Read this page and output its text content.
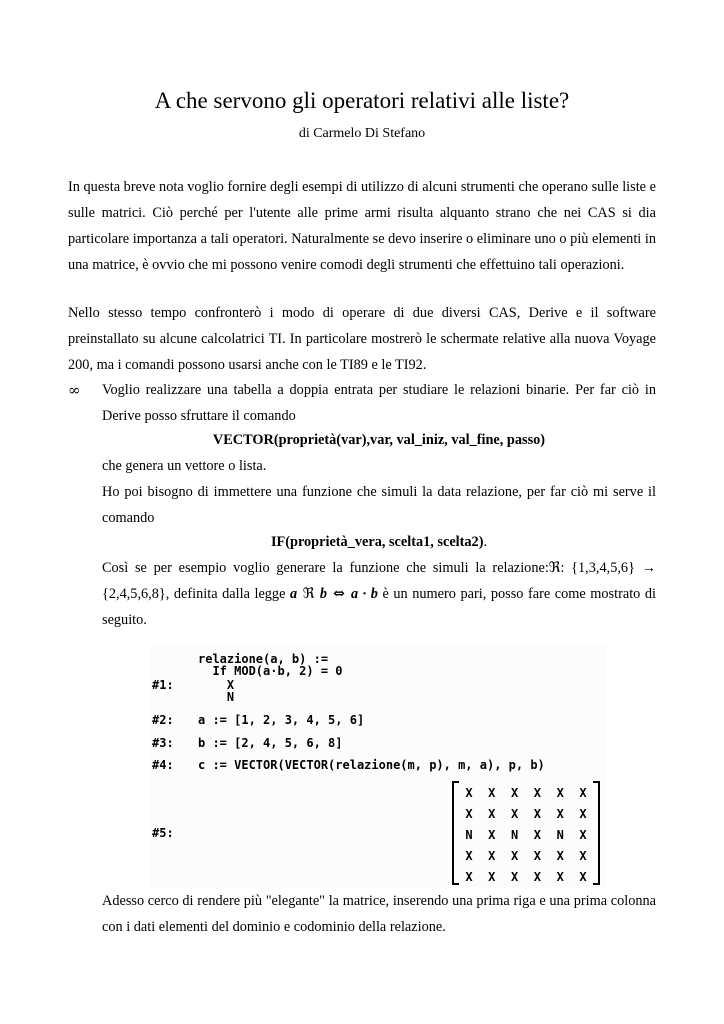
A che servono gli operatori relativi alle liste?
di Carmelo Di Stefano
In questa breve nota voglio fornire degli esempi di utilizzo di alcuni strumenti che operano sulle liste e sulle matrici. Ciò perché per l'utente alle prime armi risulta alquanto strano che nei CAS si dia particolare importanza a tali operatori. Naturalmente se devo inserire o eliminare uno o più elementi in una matrice, è ovvio che mi possono venire comodi degli strumenti che effettuino tali operazioni.
Nello stesso tempo confronterò i modo di operare di due diversi CAS, Derive e il software preinstallato su alcune calcolatrici TI. In particolare mostrerò le schermate relative alla nuova Voyage 200, ma i comandi possono usarsi anche con le TI89 e le TI92.
∞ Voglio realizzare una tabella a doppia entrata per studiare le relazioni binarie. Per far ciò in Derive posso sfruttare il comando
VECTOR(proprietà(var),var, val_iniz, val_fine, passo)
che genera un vettore o lista.
Ho poi bisogno di immettere una funzione che simuli la data relazione, per far ciò mi serve il comando
IF(proprietà_vera, scelta1, scelta2).
Così se per esempio voglio generare la funzione che simuli la relazione:ℜ: {1,3,4,5,6} → {2,4,5,6,8}, definita dalla legge a ℜ b ⇔ a · b è un numero pari, posso fare come mostrato di seguito.
relazione(a, b) :=
If MOD(a·b, 2) = 0
#1: X
N
#2: a := [1, 2, 3, 4, 5, 6]
#3: b := [2, 4, 5, 6, 8]
#4: c := VECTOR(VECTOR(relazione(m, p), m, a), p, b)
#5:
X X X X X X
X X X X X X
N X N X N X
X X X X X X
X X X X X X
Adesso cerco di rendere più "elegante" la matrice, inserendo una prima riga e una prima colonna con i dati elementi del dominio e codominio della relazione.
